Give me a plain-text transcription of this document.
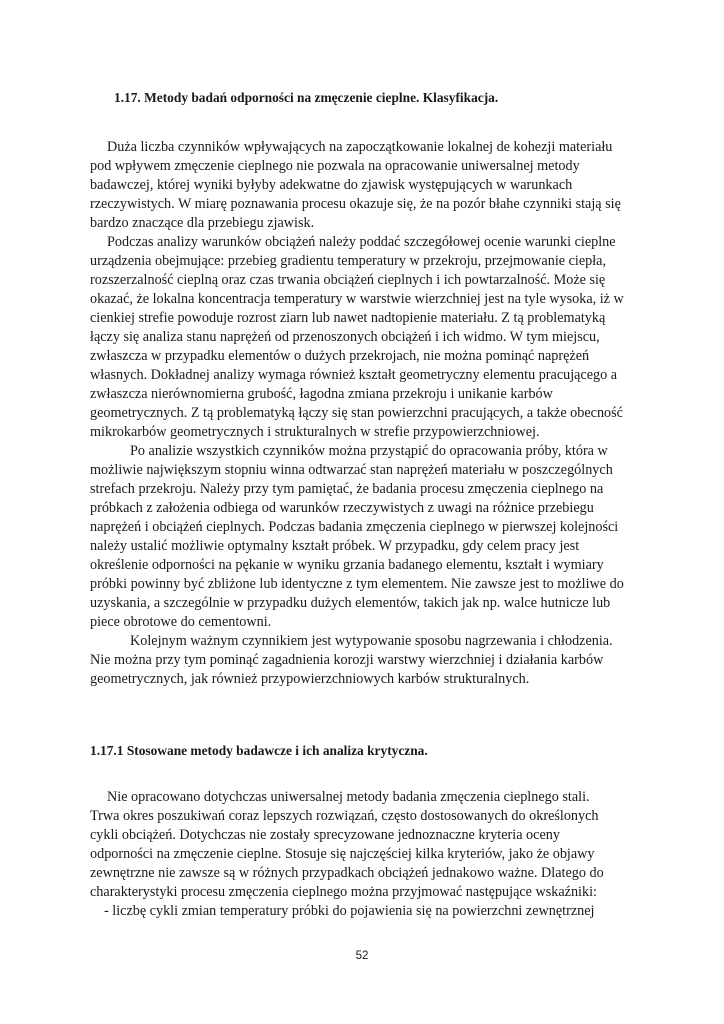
1.17. Metody badań odporności na zmęczenie cieplne. Klasyfikacja.

Duża liczba czynników wpływających na zapoczątkowanie lokalnej de kohezji materiału

pod wpływem zmęczenie cieplnego nie pozwala na opracowanie uniwersalnej metody

badawczej, której wyniki byłyby adekwatne do zjawisk występujących w warunkach

rzeczywistych. W miarę poznawania procesu okazuje się, że na pozór błahe czynniki stają się

bardzo znaczące dla przebiegu zjawisk.

Podczas analizy warunków obciążeń należy poddać szczegółowej ocenie warunki cieplne

urządzenia obejmujące: przebieg gradientu temperatury w przekroju, przejmowanie ciepła,

rozszerzalność cieplną oraz czas trwania obciążeń cieplnych i ich powtarzalność. Może się

okazać, że lokalna koncentracja temperatury w warstwie wierzchniej jest na tyle wysoka, iż w

cienkiej strefie powoduje rozrost ziarn lub nawet nadtopienie materiału. Z tą problematyką

łączy się analiza stanu naprężeń od przenoszonych obciążeń i ich widmo. W tym miejscu,

zwłaszcza w przypadku elementów o dużych przekrojach, nie można pominąć naprężeń

własnych. Dokładnej analizy wymaga również kształt geometryczny elementu pracującego a

zwłaszcza nierównomierna grubość, łagodna zmiana przekroju i unikanie karbów

geometrycznych. Z tą problematyką łączy się stan powierzchni pracujących, a także obecność

mikrokarbów geometrycznych i strukturalnych w strefie przypowierzchniowej.

Po analizie wszystkich czynników można przystąpić do opracowania próby, która w

możliwie największym stopniu winna odtwarzać stan naprężeń materiału w poszczególnych

strefach przekroju. Należy przy tym pamiętać, że badania procesu zmęczenia cieplnego na

próbkach z założenia odbiega od warunków rzeczywistych z uwagi na różnice przebiegu

naprężeń i obciążeń cieplnych. Podczas badania zmęczenia cieplnego w pierwszej kolejności

należy ustalić możliwie optymalny kształt próbek. W przypadku, gdy celem pracy jest

określenie odporności na pękanie w wyniku grzania badanego elementu, kształt i wymiary

próbki powinny być zbliżone lub identyczne z tym elementem. Nie zawsze jest to możliwe do

uzyskania, a szczególnie w przypadku dużych elementów, takich jak np. walce hutnicze lub

piece obrotowe do cementowni.

Kolejnym ważnym czynnikiem jest wytypowanie sposobu nagrzewania i chłodzenia.

Nie można przy tym pominąć zagadnienia korozji warstwy wierzchniej i działania karbów

geometrycznych, jak również przypowierzchniowych karbów strukturalnych.

1.17.1 Stosowane metody badawcze i ich analiza krytyczna.

Nie opracowano dotychczas uniwersalnej metody badania zmęczenia cieplnego stali.

Trwa okres poszukiwań coraz lepszych rozwiązań, często dostosowanych do określonych

cykli obciążeń. Dotychczas nie zostały sprecyzowane jednoznaczne kryteria oceny

odporności na zmęczenie cieplne. Stosuje się najczęściej kilka kryteriów, jako że objawy

zewnętrzne nie zawsze są w różnych przypadkach obciążeń jednakowo ważne. Dlatego do

charakterystyki procesu zmęczenia cieplnego można przyjmować następujące wskaźniki:

- liczbę cykli zmian temperatury próbki do pojawienia się na powierzchni zewnętrznej

52
